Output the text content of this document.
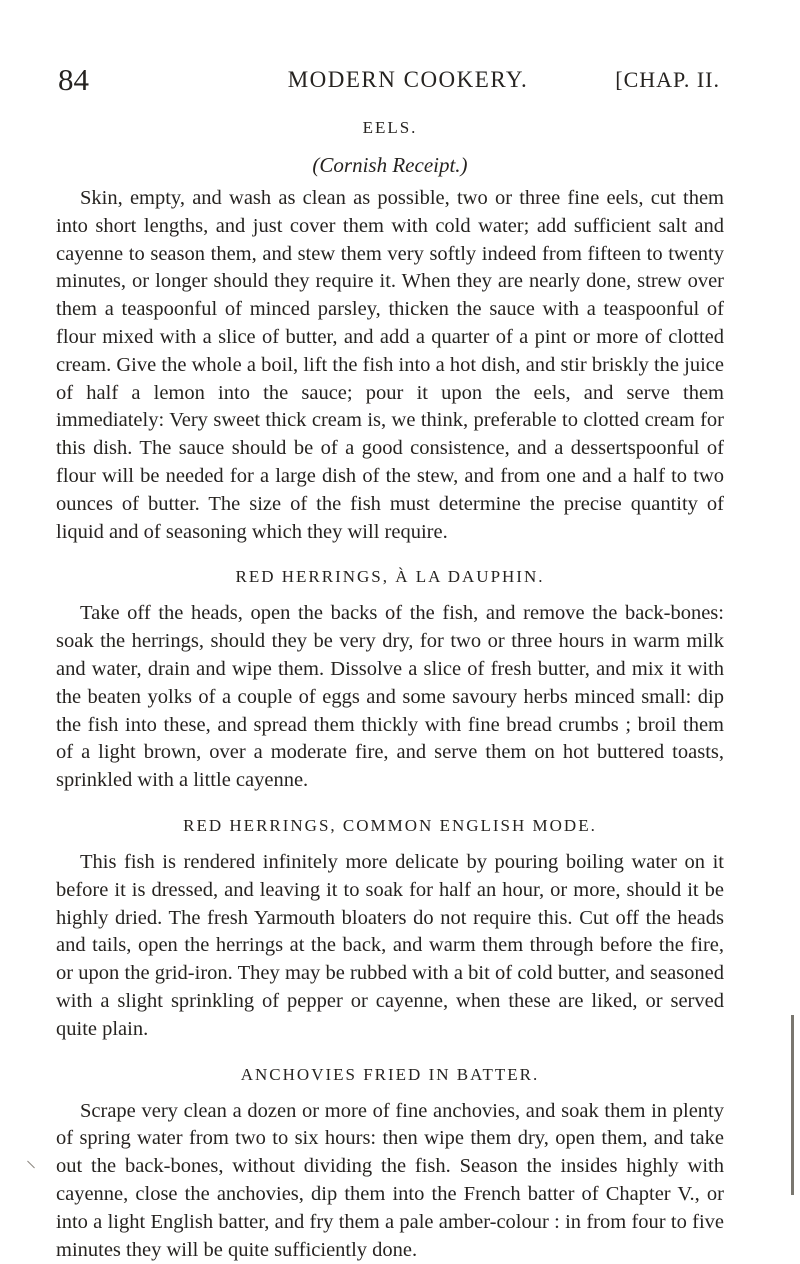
84	MODERN COOKERY.	[CHAP. II.
EELS.
(Cornish Receipt.)

Skin, empty, and wash as clean as possible, two or three fine eels, cut them into short lengths, and just cover them with cold water; add sufficient salt and cayenne to season them, and stew them very softly indeed from fifteen to twenty minutes, or longer should they require it. When they are nearly done, strew over them a teaspoonful of minced parsley, thicken the sauce with a teaspoonful of flour mixed with a slice of butter, and add a quarter of a pint or more of clotted cream. Give the whole a boil, lift the fish into a hot dish, and stir briskly the juice of half a lemon into the sauce; pour it upon the eels, and serve them immediately: Very sweet thick cream is, we think, preferable to clotted cream for this dish. The sauce should be of a good consistence, and a dessertspoonful of flour will be needed for a large dish of the stew, and from one and a half to two ounces of butter. The size of the fish must determine the precise quantity of liquid and of seasoning which they will require.

RED HERRINGS, À LA DAUPHIN.

Take off the heads, open the backs of the fish, and remove the back-bones: soak the herrings, should they be very dry, for two or three hours in warm milk and water, drain and wipe them. Dissolve a slice of fresh butter, and mix it with the beaten yolks of a couple of eggs and some savoury herbs minced small: dip the fish into these, and spread them thickly with fine bread crumbs ; broil them of a light brown, over a moderate fire, and serve them on hot buttered toasts, sprinkled with a little cayenne.

RED HERRINGS, COMMON ENGLISH MODE.

This fish is rendered infinitely more delicate by pouring boiling water on it before it is dressed, and leaving it to soak for half an hour, or more, should it be highly dried. The fresh Yarmouth bloaters do not require this. Cut off the heads and tails, open the herrings at the back, and warm them through before the fire, or upon the grid-iron. They may be rubbed with a bit of cold butter, and seasoned with a slight sprinkling of pepper or cayenne, when these are liked, or served quite plain.

ANCHOVIES FRIED IN BATTER.

Scrape very clean a dozen or more of fine anchovies, and soak them in plenty of spring water from two to six hours: then wipe them dry, open them, and take out the back-bones, without dividing the fish. Season the insides highly with cayenne, close the anchovies, dip them into the French batter of Chapter V., or into a light English batter, and fry them a pale amber-colour : in from four to five minutes they will be quite sufficiently done.
